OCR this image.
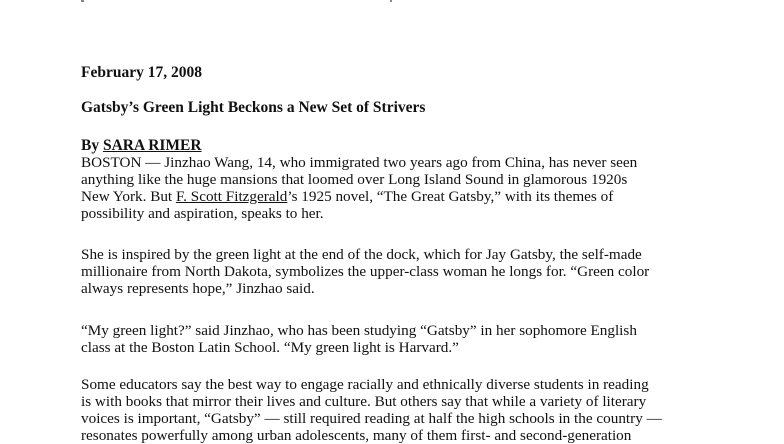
February 17, 2008
Gatsby’s Green Light Beckons a New Set of Strivers
By SARA RIMER
BOSTON — Jinzhao Wang, 14, who immigrated two years ago from China, has never seen
anything like the huge mansions that loomed over Long Island Sound in glamorous 1920s
New York. But F. Scott Fitzgerald’s 1925 novel, “The Great Gatsby,” with its themes of
possibility and aspiration, speaks to her.
She is inspired by the green light at the end of the dock, which for Jay Gatsby, the self-made
millionaire from North Dakota, symbolizes the upper-class woman he longs for. “Green color
always represents hope,” Jinzhao said.
“My green light?” said Jinzhao, who has been studying “Gatsby” in her sophomore English
class at the Boston Latin School. “My green light is Harvard.”
Some educators say the best way to engage racially and ethnically diverse students in reading
is with books that mirror their lives and culture. But others say that while a variety of literary
voices is important, “Gatsby” — still required reading at half the high schools in the country —
resonates powerfully among urban adolescents, many of them first- and second-generation
